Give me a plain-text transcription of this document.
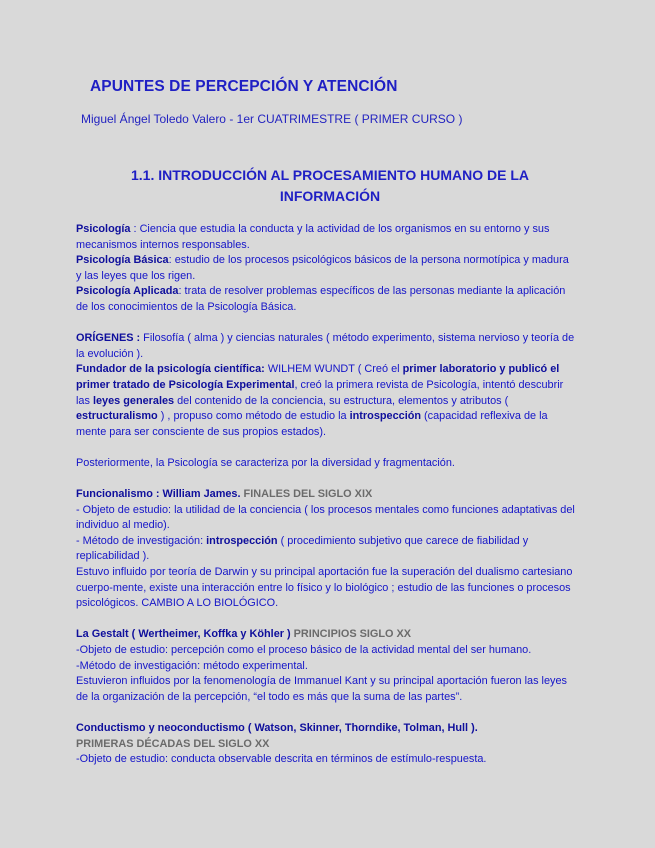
APUNTES DE PERCEPCIÓN Y ATENCIÓN
Miguel Ángel Toledo Valero - 1er CUATRIMESTRE ( PRIMER CURSO )
1.1. INTRODUCCIÓN AL PROCESAMIENTO HUMANO DE LA INFORMACIÓN

Psicología : Ciencia que estudia la conducta y la actividad de los organismos en su entorno y sus mecanismos internos responsables.

Psicología Básica: estudio de los procesos psicológicos básicos de la persona normotípica y madura y las leyes que los rigen.

Psicología Aplicada: trata de resolver problemas específicos de las personas mediante la aplicación de los conocimientos de la Psicología Básica.

ORÍGENES : Filosofía ( alma ) y ciencias naturales ( método experimento, sistema nervioso y teoría de la evolución ).

Fundador de la psicología científica: WILHEM WUNDT ( Creó el primer laboratorio y publicó el primer tratado de Psicología Experimental, creó la primera revista de Psicología, intentó descubrir las leyes generales del contenido de la conciencia, su estructura, elementos y atributos ( estructuralismo ) , propuso como método de estudio la introspección (capacidad reflexiva de la mente para ser consciente de sus propios estados).

Posteriormente, la Psicología se caracteriza por la diversidad y fragmentación.

Funcionalismo : William James. FINALES DEL SIGLO XIX

- Objeto de estudio: la utilidad de la conciencia ( los procesos mentales como funciones adaptativas del individuo al medio).

- Método de investigación: introspección ( procedimiento subjetivo que carece de fiabilidad y replicabilidad ).

Estuvo influido por teoría de Darwin y su principal aportación fue la superación del dualismo cartesiano cuerpo-mente, existe una interacción entre lo físico y lo biológico ; estudio de las funciones o procesos psicológicos. CAMBIO A LO BIOLÓGICO.

La Gestalt ( Wertheimer, Koffka y Köhler ) PRINCIPIOS SIGLO XX

-Objeto de estudio: percepción como el proceso básico de la actividad mental del ser humano.

-Método de investigación: método experimental.

Estuvieron influidos por la fenomenología de Immanuel Kant y su principal aportación fueron las leyes de la organización de la percepción, “el todo es más que la suma de las partes”.

Conductismo y neoconductismo ( Watson, Skinner, Thorndike, Tolman, Hull ).

PRIMERAS DÉCADAS DEL SIGLO XX

-Objeto de estudio: conducta observable descrita en términos de estímulo-respuesta.
